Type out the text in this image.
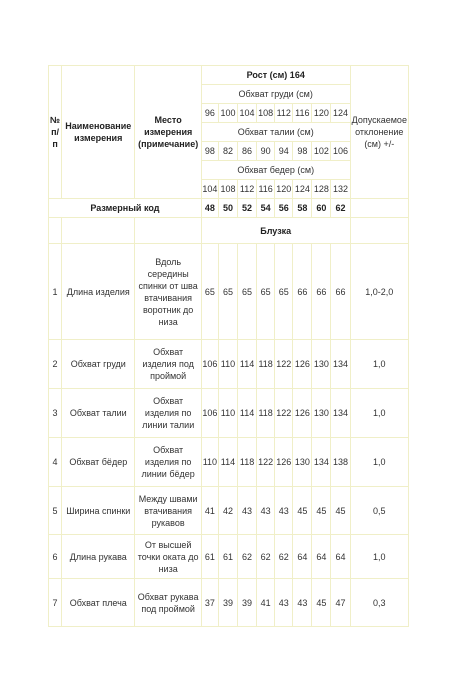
№ п/п	Наименование измерения	Место измерения (примечание)	Рост (см) 164								Допускаемое отклонение (см) +/-
			Обхват груди (см)								
			96	100	104	108	112	116	120	124	
			Обхват талии (см)								
			98	82	86	90	94	98	102	106	
			Обхват бедер (см)								
			104	108	112	116	120	124	128	132	
Размерный код			48	50	52	54	56	58	60	62	
			Блузка								
1	Длина изделия	Вдоль середины спинки от шва втачивания воротник до низа	65	65	65	65	65	66	66	66	1,0-2,0
2	Обхват груди	Обхват изделия под проймой	106	110	114	118	122	126	130	134	1,0
3	Обхват талии	Обхват изделия по линии талии	106	110	114	118	122	126	130	134	1,0
4	Обхват бёдер	Обхват изделия по линии бёдер	110	114	118	122	126	130	134	138	1,0
5	Ширина спинки	Между швами втачивания рукавов	41	42	43	43	43	45	45	45	0,5
6	Длина рукава	От высшей точки оката до низа	61	61	62	62	62	64	64	64	1,0
7	Обхват плеча	Обхват рукава под проймой	37	39	39	41	43	43	45	47	0,3
